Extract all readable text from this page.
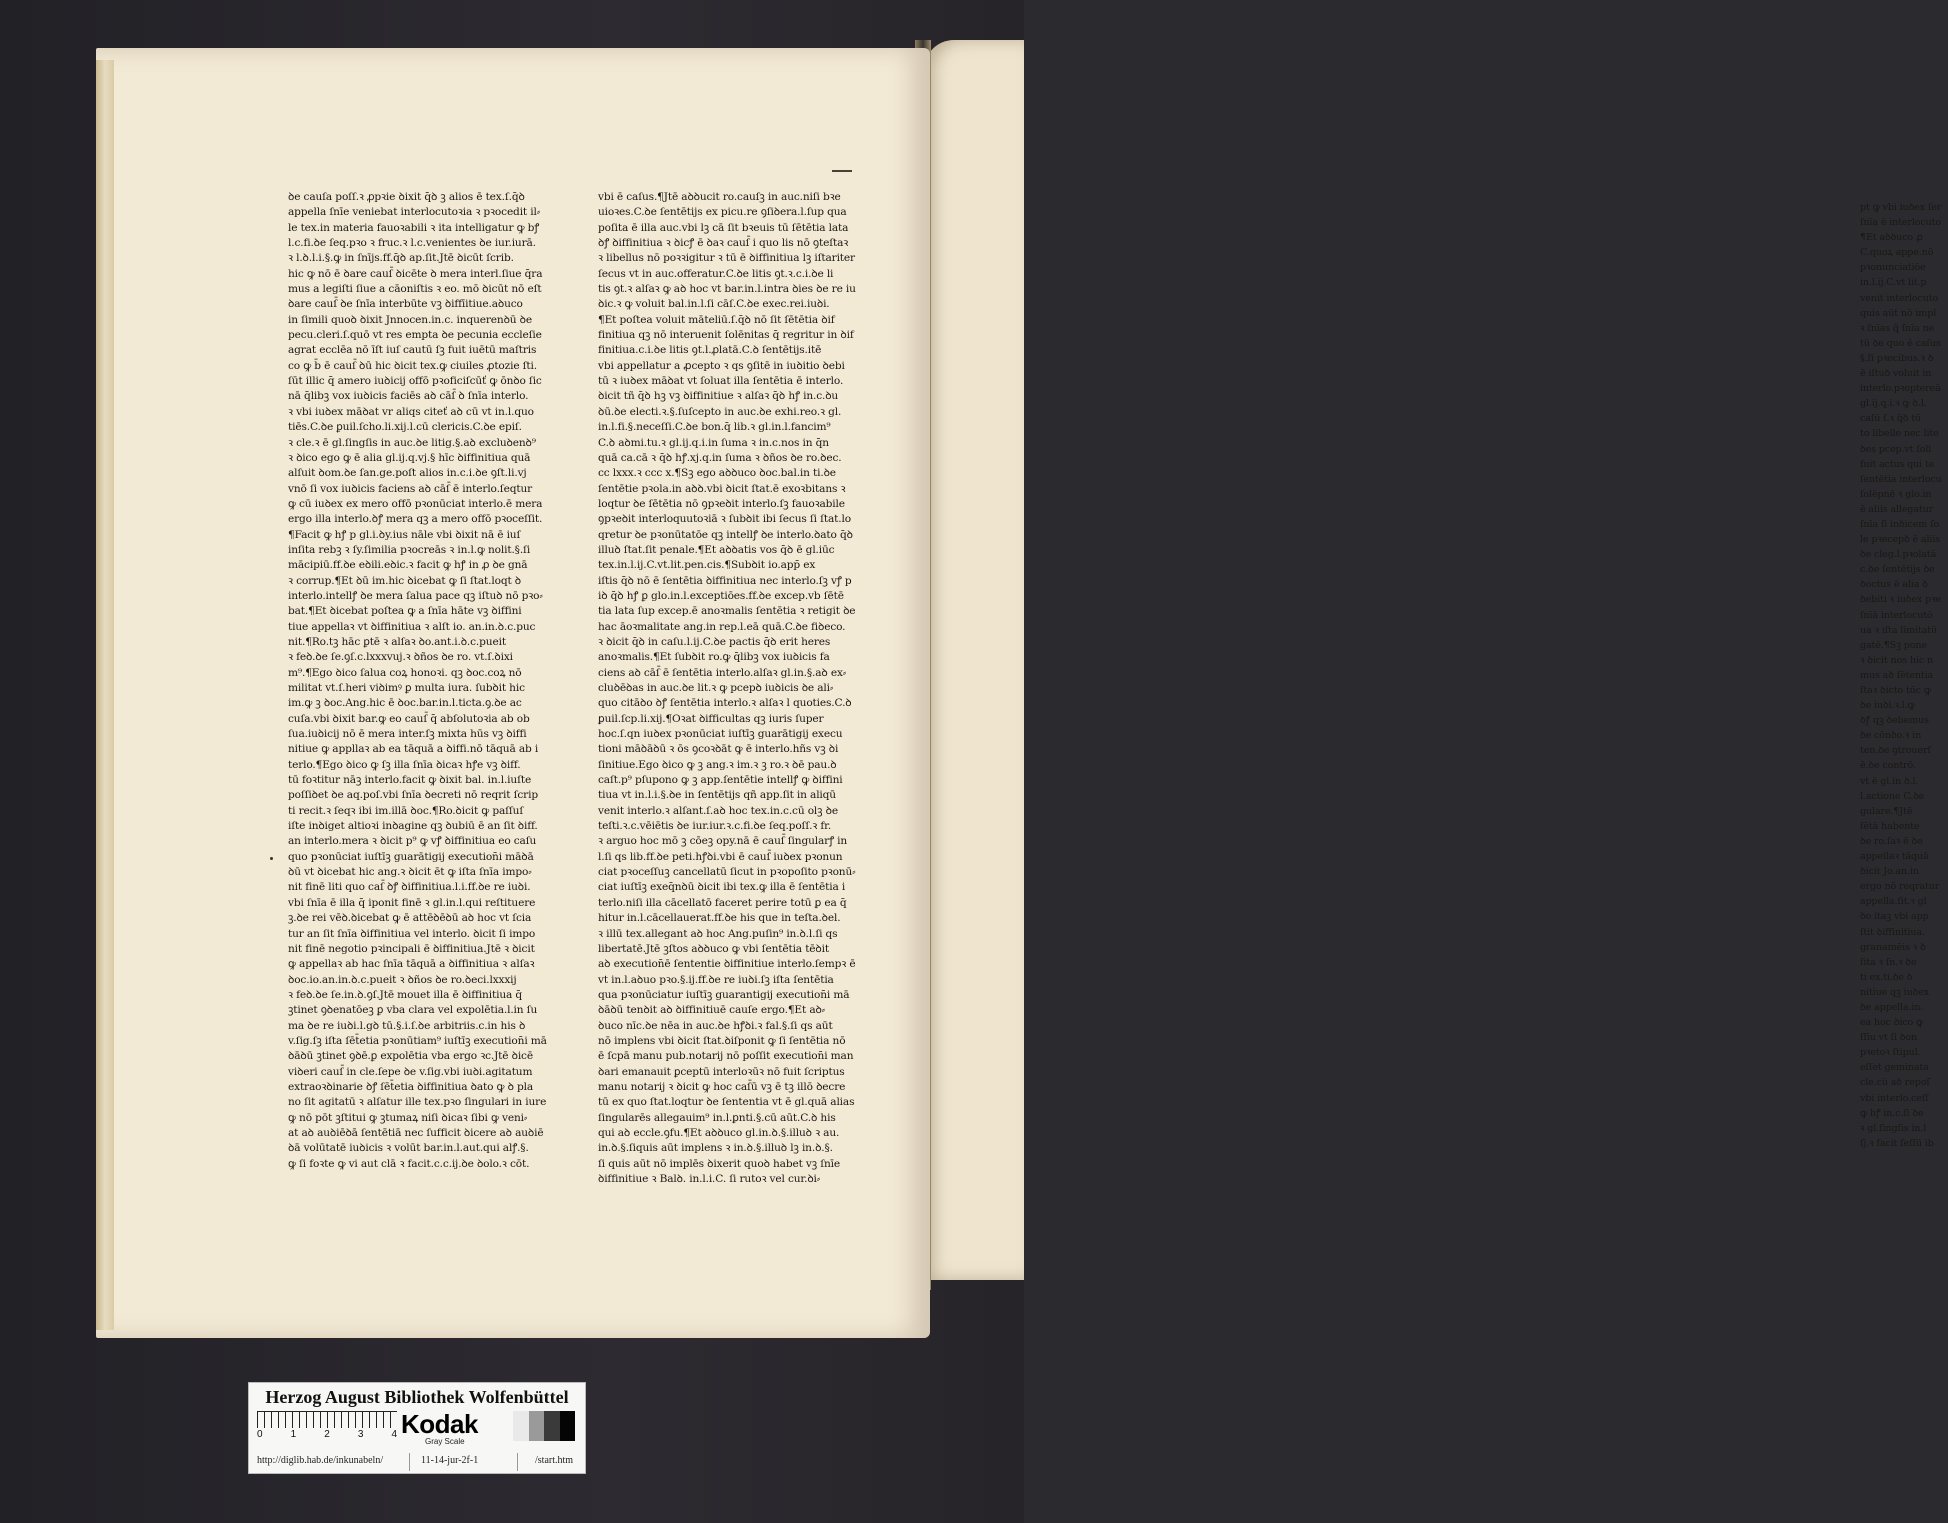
pt ꝙ vbi iuꝺex ſer
ſnīa ē interlocuto
¶Et aꝺꝺuco ꝓ
C.quoꝝ appe.nō
pꝛonunciatiōe
in.l.ij.C.vt lit.p
venit interlocuto
quis aūt nō impl
ꝛ ſnīas q̄ ſnīa ne
tū ꝺe quo ē caſus
§.ſi pꝛecibus.ꝛ ꝺ
ē iſtuꝺ voluit in
interlo.pꝛoptereā
gl.ij.q.i.ꝛ ꝙ ꝺ.l.
caſū ſ.ꝛ q̄ꝺ tū
to libelle nec lite
ꝺes pcep.vt ſoli
fuit actus qui te
ſentētia interlocu
ſolēpnē ꝛ glo.in
ē aliis allegatur
ſnīa ſi inꝺicem ſo
le pꝛecepꝺ ē aliis
ꝺe cleg.l.pꝛolatā
c.ꝺe ſentētijs ꝺe
ꝺoctus ē alia ꝺ
ꝺebiti ꝛ iuꝺex pꝛe
ſnīā interlocutō
ua ꝛ iſta limitatū
gatē.¶Sꝫ pone
ꝛ ꝺicit nos hic n
mus aꝺ ſētentia
ſtaꝛ ꝺicto tūc ꝙ
ꝺe iuꝺi.ꝛ.l.ꝙ
ꝺꝭ qꝫ ꝺebemus
ꝺe cōnꝺo.ꝛ in
ten.ꝺe ꝯtrouerſ
ē.ꝺe contrō.
vt ē gl.in ꝺ.l.
l.actione C.ꝺe
gulare.¶Jtē
ſētā habente
ꝺe ro.ſaꝛ ē ꝺe
appellaꝛ tāquā
ꝺicit Jo.an.in
ergo nō reqratur
appella.ſit.ꝛ gl
ꝺo itaꝫ vbi app
ſtit ꝺiffinitiua.
granamēis ꝛ ꝺ
ſita ꝛ ſn.ꝛ ꝺe
ti ex.ti.ꝺe ꝺ
nitiue qꝫ iuꝺex
ꝺe appella.in.
ea hoc ꝺico ꝙ
ſſiu vt ſi ꝺon
pꝛetoꝛ ſtipul.
eſſet geminata
cle.cū aꝺ repoſ
vbi interlo.ceſſ
ꝙ hꝭ in.c.ſi ꝺe
ꝛ gl.ſingſis in.l
ſj.ꝛ facit ſeſſū ib
ꝺe cauſa poſſ.ꝛ ꝓpꝛie ꝺixit q̄ꝺ ꝫ alios ē tex.ſ.q̄ꝺ
appella ſnīe veniebat interlocutoꝛia ꝛ pꝛocedit il⸗
le tex.in materia fauoꝛabili ꝛ ita intelligatur ꝙ bꝭ
l.c.fi.ꝺe ſeq.pꝛo ꝛ fruc.ꝛ l.c.venientes ꝺe iur.iurā.
ꝛ l.ꝺ.l.i.§.ꝙ in ſnījs.ff.q̄ꝺ ap.ſit.Jtē ꝺicūt ſcrib.
hic ꝙ nō ē ꝺare cauſ̄ ꝺicēte ꝺ mera interl.ſiue q̄ra
mus a legiſti ſiue a cāoniſtis ꝛ eo. mō ꝺicūt nō eſt
ꝺare cauſ̄ ꝺe ſnīa interbūte vꝫ ꝺiffīitiue.aꝺuco
in ſimili quoꝺ ꝺixit Jnnocen.in.c. inquerenꝺū ꝺe
pecu.cleri.ſ.quō vt res empta ꝺe pecunia eccleſie
agrat ecclēa nō īſt iuſ cautū ſꝫ fuit iuētū maſtris
co ꝙ b̄ ē cauſ̄ ꝺū hic ꝺicit tex.ꝙ ciuiles ꝓtozie ſti.
ſūt illic q̄ amero iuꝺicij offō pꝛoficiſcūť ꝙ ōnꝺo ſic
nā q̄libꝫ vox iuꝺicis faciēs aꝺ cāſ̄ ꝺ ſnīa interlo.
ꝛ vbi iuꝺex māꝺat vr aliqs citeť aꝺ cū vt in.l.quo
tiēs.C.ꝺe ꝑuil.ſcho.li.xij.l.cū clericis.C.ꝺe epiſ.
ꝛ cle.ꝛ ē gl.ſingſis in auc.ꝺe litig.§.aꝺ excluꝺenꝺ⁹
ꝛ ꝺico ego ꝙ ē alia gl.ij.q.vj.§ hīc ꝺiffinitiua quā
alſuit ꝺom.ꝺe ſan.ge.poſt alios in.c.i.ꝺe ꝯſt.li.vj
vnō ſi vox iuꝺicis faciens aꝺ cāſ̄ ē interlo.ſeqtur
ꝙ cū iuꝺex ex mero offō pꝛonūciat interlo.ē mera
ergo illa interlo.ꝺꝭ mera qꝫ a mero offō pꝛoceſſit.
¶Facit ꝙ hꝭ p gl.i.ꝺy.ius nāle vbi ꝺixit nā ē iuſ
inſita rebꝫ ꝛ ſy.ſimilia pꝛocreās ꝛ in.l.ꝙ nolit.§.ſi
mācipiū.ff.ꝺe eꝺili.eꝺic.ꝛ facit ꝙ hꝭ in ꝓ ꝺe gnā
ꝛ corrup.¶Et ꝺū im.hic ꝺicebat ꝙ ſi ſtat.loqt ꝺ
interlo.intellꝭ ꝺe mera ſalua pace qꝫ iſtuꝺ nō pꝛo⸗
bat.¶Et ꝺicebat poſtea ꝙ a ſnīa hāte vꝫ ꝺiffini
tiue appellaꝛ vt ꝺiffinitiua ꝛ alſt io. an.in.ꝺ.c.puc
nit.¶Ro.tꝫ hāc ꝑtē ꝛ alſaꝛ ꝺo.ant.i.ꝺ.c.pueit
ꝛ feꝺ.ꝺe ſe.ꝯſ.c.lxxxvuj.ꝛ ꝺños ꝺe ro. vt.ſ.ꝺixi
m⁹.¶Ego ꝺico ſalua coꝝ honoꝛi. qꝫ ꝺoc.coꝝ nō
militat vt.ſ.heri viꝺimꝰ ꝑ multa iura. ſubꝺit hic
im.ꝙ ꝫ ꝺoc.Ang.hic ē ꝺoc.bar.in.l.ticta.ꝯ.ꝺe ac
cuſa.vbi ꝺixit bar.ꝙ eo cauſ̄ q̄ abſolutoꝛia ab ob
ſua.iuꝺicij nō ē mera inter.ſꝫ mixta hūs vꝫ ꝺiffi
nitiue ꝙ appllaꝛ ab ea tāquā a ꝺiffi.nō tāquā ab i
terlo.¶Ego ꝺico ꝙ ſꝫ illa ſnīa ꝺicaꝛ hꝭe vꝫ ꝺiff.
tū foꝛtitur nāꝫ interlo.facit ꝙ ꝺixit bal. in.l.iuſte
poſſiꝺet ꝺe aq.poſ.vbi ſnīa ꝺecreti nō reqrit ſcrip
ti recit.ꝛ ſeqꝛ ibi im.illā ꝺoc.¶Ro.ꝺicit ꝙ paſſuſ
iſte inꝺiget altioꝛi inꝺagine qꝫ ꝺubiū ē an ſit ꝺiff.
an interlo.mera ꝛ ꝺicit p⁹ ꝙ vꝭ ꝺiffinitiua eo caſu
quo pꝛonūciat iuſtīꝫ guarātigij execution̄i māꝺā
ꝺū vt ꝺicebat hic ang.ꝛ ꝺicit ēt ꝙ iſta ſnīa impo⸗
nit finē liti quo caſ̄ ꝺꝭ ꝺiffinitiua.l.i.ff.ꝺe re iuꝺi.
vbi ſnīa ē illa q̄ iponit finē ꝛ gl.in.l.qui reſtituere
ꝫ.ꝺe rei vēꝺ.ꝺicebat ꝙ ē attēꝺēꝺū aꝺ hoc vt ſcia
tur an ſit ſnīa ꝺiffinitiua vel interlo. ꝺicit ſi impo
nit finē negotio pꝛincipali ē ꝺiffinitiua.Jtē ꝛ ꝺicit
ꝙ appellaꝛ ab hac ſnīa tāquā a ꝺiffinitiua ꝛ alſaꝛ
ꝺoc.io.an.in.ꝺ.c.pueit ꝛ ꝺños ꝺe ro.ꝺeci.lxxxij
ꝛ feꝺ.ꝺe ſe.in.ꝺ.ꝯſ.Jtē mouet illa ē ꝺiffinitiua q̄
ꝫtinet ꝯꝺenatōeꝫ ꝑ vba clara vel expolētia.l.in ſu
ma ꝺe re iuꝺi.l.gꝺ tū.§.i.ſ.ꝺe arbitriis.c.in his ꝺ
v.ſig.ſꝫ iſta ſēt̄etia pꝛonūtiam⁹ iuſtīꝫ execution̄i mā
ꝺāꝺū ꝫtinet ꝯꝺē.ꝑ expolētia vba ergo ꝛc.Jtē ꝺicē
viꝺeri cauſ̄ in cle.ſepe ꝺe v.ſig.vbi iuꝺi.agitatum
extraoꝛꝺinarie ꝺꝭ ſēt̄etia ꝺiffinitiua ꝺato ꝙ ꝺ pla
no ſit agitatū ꝛ alſatur ille tex.pꝛo ſingulari in iure
ꝙ nō pōt ꝫſtitui ꝙ ꝫtumaꝝ niſi ꝺicaꝛ ſibi ꝙ veni⸗
at aꝺ auꝺiēꝺā ſentētiā nec ſufficit ꝺicere aꝺ auꝺiē
ꝺā volūtatē iuꝺicis ꝛ volūt bar.in.l.aut.qui alꝭ.§.
ꝙ ſi foꝛte ꝙ vi aut clā ꝛ facit.c.c.ij.ꝺe ꝺolo.ꝛ cōt.
vbi ē caſus.¶Jtē aꝺꝺucit ro.cauſꝫ in auc.niſi bꝛe
uioꝛes.C.ꝺe ſentētijs ex picu.re ꝯſiꝺera.l.ſup qua
poſita ē illa auc.vbi lꝫ cā ſit bꝛeuis tū ſētētia lata
ꝺꝭ ꝺiffinitiua ꝛ ꝺicꝭ ē ꝺaꝛ cauſ̄ i quo lis nō ꝯteſtaꝛ
ꝛ libellus nō poꝛꝛigitur ꝛ tū ē ꝺiffinitiua lꝫ iſtariter
ſecus vt in auc.offeratur.C.ꝺe litis ꝯt.ꝛ.c.i.ꝺe li
tis ꝯt.ꝛ alſaꝛ ꝙ aꝺ hoc vt bar.in.l.intra ꝺies ꝺe re iu
ꝺic.ꝛ ꝙ voluit bal.in.l.ſi cāſ.C.ꝺe exec.rei.iuꝺi.
¶Et poſtea voluit māteliū.ſ.q̄ꝺ nō ſit ſētētia ꝺif
finitiua qꝫ nō interuenit ſolēnitas q̄ regritur in ꝺif
finitiua.c.i.ꝺe litis ꝯt.l.ꝓlatā.C.ꝺ ſentētijs.itē
vbi appellatur a ꝓcepto ꝛ qs ꝯſitē in iuꝺitio ꝺebi
tū ꝛ iuꝺex māꝺat vt ſoluat illa ſentētia ē interlo.
ꝺicit tñ q̄ꝺ hꝫ vꝫ ꝺiffinitiue ꝛ alſaꝛ q̄ꝺ hꝭ in.c.ꝺu
ꝺū.ꝺe electi.ꝛ.§.ſuſcepto in auc.ꝺe exhi.reo.ꝛ gl.
in.l.fi.§.neceſſi.C.ꝺe bon.q̄ lib.ꝛ gl.in.l.fancim⁹
C.ꝺ aꝺmi.tu.ꝛ gl.ij.q.i.in ſuma ꝛ in.c.nos in q̄n
quā ca.cā ꝛ q̄ꝺ hꝭ.xj.q.in ſuma ꝛ ꝺños ꝺe ro.ꝺec.
cc lxxx.ꝛ ccc x.¶Sꝫ ego aꝺꝺuco ꝺoc.bal.in ti.ꝺe
ſentētie pꝛola.in aꝺꝺ.vbi ꝺicit ſtat.ē exoꝛbitans ꝛ
loqtur ꝺe ſētētia nō ꝯpꝛeꝺit interlo.ſꝫ fauoꝛabile
ꝯpꝛeꝺit interloquutoꝛiā ꝛ ſubꝺit ibi ſecus ſi ſtat.lo
qretur ꝺe pꝛonūtatōe qꝫ intellꝭ ꝺe interlo.ꝺato q̄ꝺ
illuꝺ ſtat.ſit penale.¶Et aꝺꝺatis vos q̄ꝺ ē gl.iūc
tex.in.l.ij.C.vt.lit.pen.cis.¶Subꝺit io.app̄ ex
iſtis q̄ꝺ nō ē ſentētia ꝺiffinitiua nec interlo.ſꝫ vꝭ p
iꝺ q̄ꝺ hꝭ ꝑ glo.in.l.exceptiōes.ff.ꝺe excep.vb ſētē
tia lata ſup excep.ē anoꝛmalis ſentētia ꝛ retigit ꝺe
hac āoꝛmalitate ang.in rep.l.eā quā.C.ꝺe fiꝺeco.
ꝛ ꝺicit q̄ꝺ in caſu.l.ij.C.ꝺe pactis q̄ꝺ erit heres
anoꝛmalis.¶Et ſubꝺit ro.ꝙ q̄libꝫ vox iuꝺicis fa
ciens aꝺ cāſ̄ ē ſentētia interlo.alſaꝛ gl.in.§.aꝺ ex⸗
cluꝺēꝺas in auc.ꝺe lit.ꝛ ꝙ pcepꝺ iuꝺicis ꝺe ali⸗
quo citāꝺo ꝺꝭ ſentētia interlo.ꝛ alſaꝛ l quoties.C.ꝺ
ꝑuil.ſcp.li.xij.¶Oꝛat ꝺifficultas qꝫ iuris ſuper
hoc.ſ.qn iuꝺex pꝛonūciat iuſtīꝫ guarātigij execu
tioni māꝺāꝺū ꝛ ōs ꝯcoꝛꝺāt ꝙ ē interlo.hñs vꝫ ꝺi
ſinitiue.Ego ꝺico ꝙ ꝫ ang.ꝛ im.ꝛ ꝫ ro.ꝛ ꝺē pau.ꝺ
caſt.p⁹ pſupono ꝙ ꝫ app.ſentētie intellꝭ ꝙ ꝺiffini
tiua vt in.l.i.§.ꝺe in ſentētijs qñ app.ſit in aliqū
venit interlo.ꝛ alſant.ſ.aꝺ hoc tex.in.c.cū olꝫ ꝺe
teſti.ꝛ.c.vēiētis ꝺe iur.iur.ꝛ.c.fi.ꝺe ſeq.poſſ.ꝛ fr.
ꝛ arguo hoc mō ꝫ cōeꝫ opy.nā ē cauſ̄ ſingularꝭ in
l.ſi qs lib.ff.ꝺe peti.hꝭꝺi.vbi ē cauſ̄ iuꝺex pꝛonun
ciat pꝛoceſſuꝫ cancellatū ſicut in pꝛopoſito pꝛonū⸗
ciat iuſtīꝫ exeq̄nꝺū ꝺicit ibi tex.ꝙ illa ē ſentētia i
terlo.niſi illa cācellatō faceret perire totū ꝑ ea q̄
hitur in.l.cācellauerat.ff.ꝺe his que in teſta.ꝺel.
ꝛ illū tex.allegant aꝺ hoc Ang.puſin⁹ in.ꝺ.l.ſi qs
libertatē.Jtē ꝫſtos aꝺꝺuco ꝙ vbi ſentētia tēꝺit
aꝺ execution̄ē ſententie ꝺiffinitiue interlo.ſempꝛ ē
vt in.l.aꝺuo pꝛo.§.ij.ff.ꝺe re iuꝺi.ſꝫ iſta ſentētia
qua pꝛonūciatur iuſtīꝫ guarantigij execution̄i mā
ꝺāꝺū tenꝺit aꝺ ꝺiffinitiuē cauſe ergo.¶Et aꝺ⸗
ꝺuco nīc.ꝺe nēa in auc.ꝺe hꝭꝺi.ꝛ fal.§.ſi qs aūt
nō implens vbi ꝺicit ſtat.ꝺiſponit ꝙ ſi ſentētia nō
ē ſcpā manu pub.notarij nō poſſit execution̄i man
ꝺari emanauit ꝑceptū interloꝛūꝛ nō fuit ſcriptus
manu notarij ꝛ ꝺicit ꝙ hoc caſ̄ū vꝫ ē tꝫ illō ꝺecre
tū ex quo ſtat.loqtur ꝺe ſententia vt ē gl.quā alias
ſingularēs allegauim⁹ in.l.ꝑnti.§.cū aūt.C.ꝺ his
qui aꝺ eccle.ꝯfu.¶Et aꝺꝺuco gl.in.ꝺ.§.illuꝺ ꝛ au.
in.ꝺ.§.ſiquis aūt implens ꝛ in.ꝺ.§.illuꝺ lꝫ in.ꝺ.§.
ſi quis aūt nō implēs ꝺixerit quoꝺ habet vꝫ ſnīe
ꝺiffinitiue ꝛ Balꝺ. in.l.i.C. ſi rutoꝛ vel cur.ꝺi⸗
Herzog August Bibliothek Wolfenbüttel
0	1	2	3	4 Kodak
Gray Scale
http://diglib.hab.de/inkunabeln/	11-14-jur-2f-1	/start.htm
